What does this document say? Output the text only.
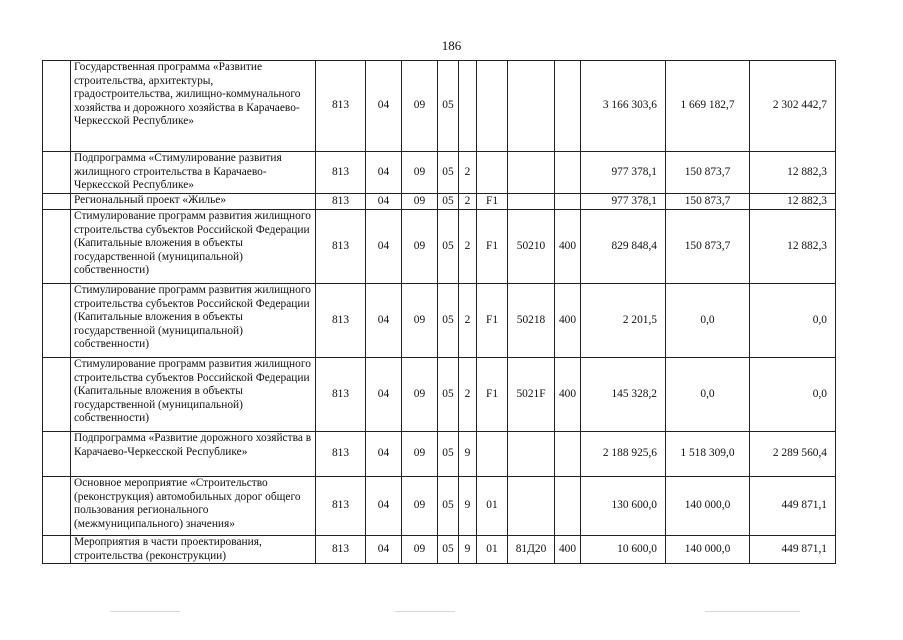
186
	Государственная программа «Развитие строительства, архитектуры, градостроительства, жилищно-коммунального хозяйства и дорожного хозяйства в Карачаево-Черкесской Республике»	813	04	09	05					3 166 303,6	1 669 182,7	2 302 442,7
	Подпрограмма «Стимулирование развития жилищного строительства в Карачаево-Черкесской Республике»	813	04	09	05	2				977 378,1	150 873,7	12 882,3
	Региональный проект «Жилье»	813	04	09	05	2	F1			977 378,1	150 873,7	12 882,3
	Стимулирование программ развития жилищного строительства субъектов Российской Федерации (Капитальные вложения в объекты государственной (муниципальной) собственности)	813	04	09	05	2	F1	50210	400	829 848,4	150 873,7	12 882,3
	Стимулирование программ развития жилищного строительства субъектов Российской Федерации (Капитальные вложения в объекты государственной (муниципальной) собственности)	813	04	09	05	2	F1	50218	400	2 201,5	0,0	0,0
	Стимулирование программ развития жилищного строительства субъектов Российской Федерации (Капитальные вложения в объекты государственной (муниципальной) собственности)	813	04	09	05	2	F1	5021F	400	145 328,2	0,0	0,0
	Подпрограмма «Развитие дорожного хозяйства в Карачаево-Черкесской Республике»	813	04	09	05	9				2 188 925,6	1 518 309,0	2 289 560,4
	Основное мероприятие «Строительство (реконструкция) автомобильных дорог общего пользования регионального (межмуниципального) значения»	813	04	09	05	9	01			130 600,0	140 000,0	449 871,1
	Мероприятия в части проектирования, строительства (реконструкции)	813	04	09	05	9	01	81Д20	400	10 600,0	140 000,0	449 871,1
